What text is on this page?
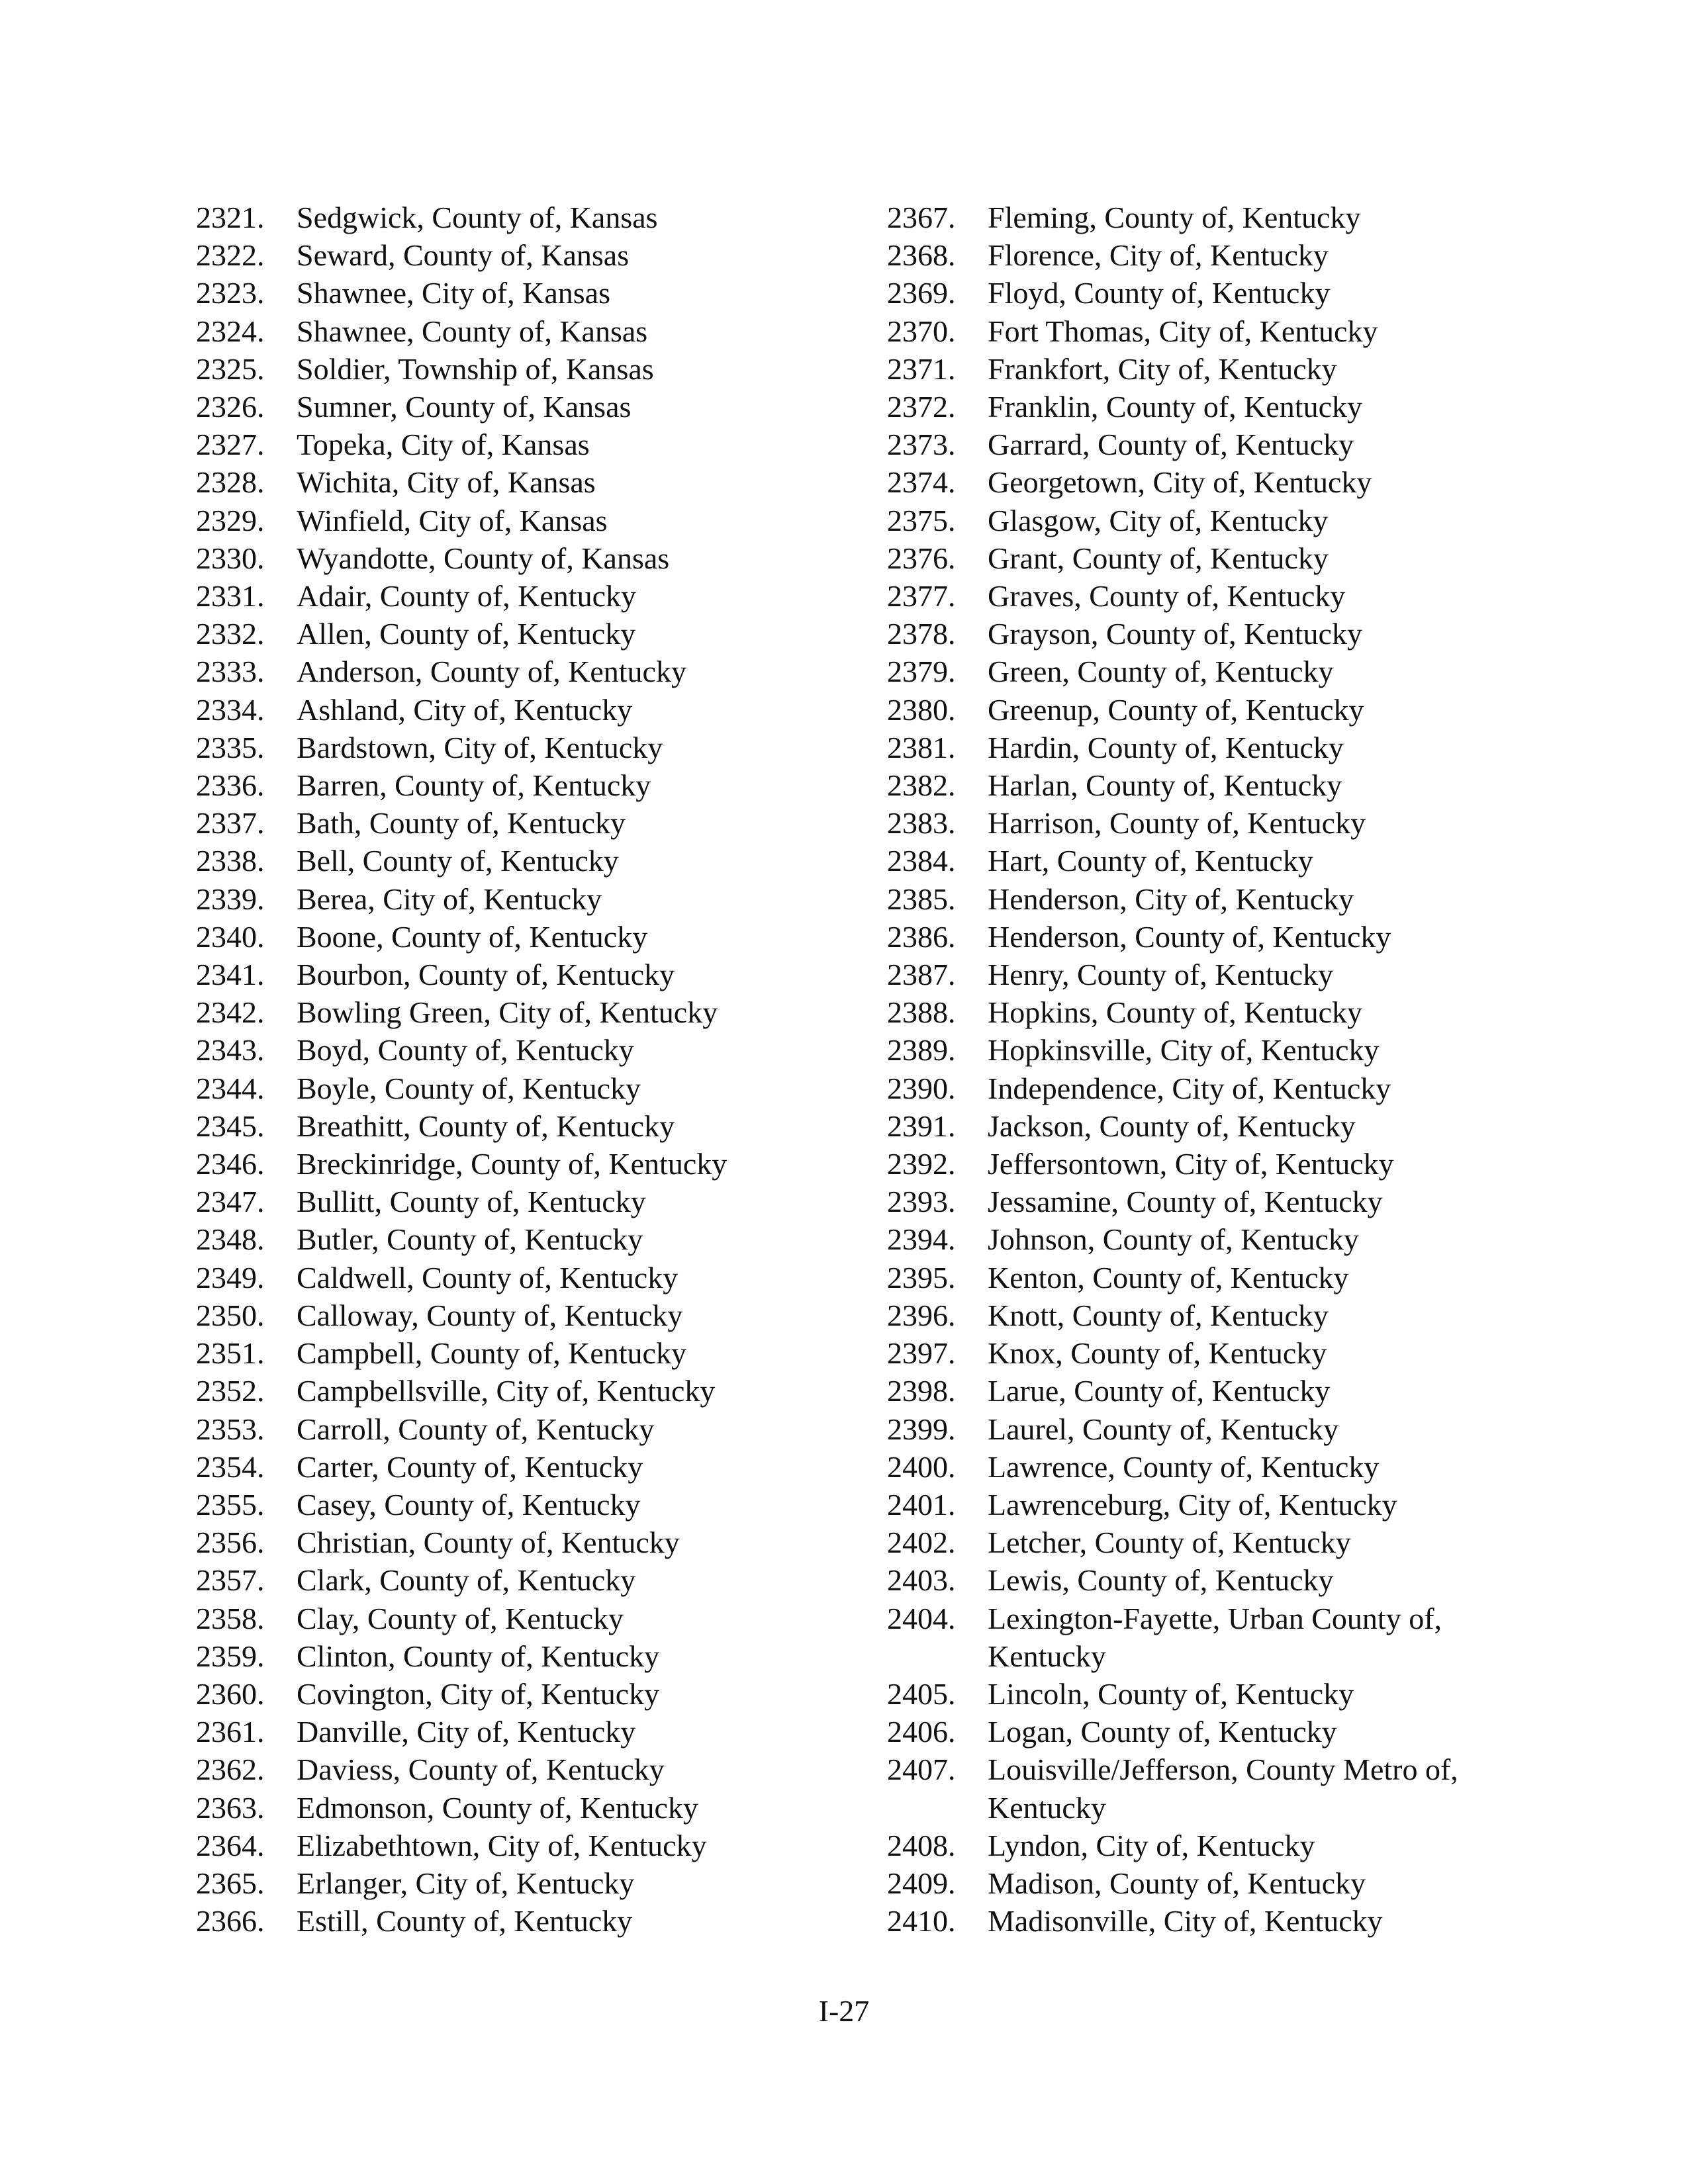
2321.	Sedgwick, County of, Kansas
2322.	Seward, County of, Kansas
2323.	Shawnee, City of, Kansas
2324.	Shawnee, County of, Kansas
2325.	Soldier, Township of, Kansas
2326.	Sumner, County of, Kansas
2327.	Topeka, City of, Kansas
2328.	Wichita, City of, Kansas
2329.	Winfield, City of, Kansas
2330.	Wyandotte, County of, Kansas
2331.	Adair, County of, Kentucky
2332.	Allen, County of, Kentucky
2333.	Anderson, County of, Kentucky
2334.	Ashland, City of, Kentucky
2335.	Bardstown, City of, Kentucky
2336.	Barren, County of, Kentucky
2337.	Bath, County of, Kentucky
2338.	Bell, County of, Kentucky
2339.	Berea, City of, Kentucky
2340.	Boone, County of, Kentucky
2341.	Bourbon, County of, Kentucky
2342.	Bowling Green, City of, Kentucky
2343.	Boyd, County of, Kentucky
2344.	Boyle, County of, Kentucky
2345.	Breathitt, County of, Kentucky
2346.	Breckinridge, County of, Kentucky
2347.	Bullitt, County of, Kentucky
2348.	Butler, County of, Kentucky
2349.	Caldwell, County of, Kentucky
2350.	Calloway, County of, Kentucky
2351.	Campbell, County of, Kentucky
2352.	Campbellsville, City of, Kentucky
2353.	Carroll, County of, Kentucky
2354.	Carter, County of, Kentucky
2355.	Casey, County of, Kentucky
2356.	Christian, County of, Kentucky
2357.	Clark, County of, Kentucky
2358.	Clay, County of, Kentucky
2359.	Clinton, County of, Kentucky
2360.	Covington, City of, Kentucky
2361.	Danville, City of, Kentucky
2362.	Daviess, County of, Kentucky
2363.	Edmonson, County of, Kentucky
2364.	Elizabethtown, City of, Kentucky
2365.	Erlanger, City of, Kentucky
2366.	Estill, County of, Kentucky
2367.	Fleming, County of, Kentucky
2368.	Florence, City of, Kentucky
2369.	Floyd, County of, Kentucky
2370.	Fort Thomas, City of, Kentucky
2371.	Frankfort, City of, Kentucky
2372.	Franklin, County of, Kentucky
2373.	Garrard, County of, Kentucky
2374.	Georgetown, City of, Kentucky
2375.	Glasgow, City of, Kentucky
2376.	Grant, County of, Kentucky
2377.	Graves, County of, Kentucky
2378.	Grayson, County of, Kentucky
2379.	Green, County of, Kentucky
2380.	Greenup, County of, Kentucky
2381.	Hardin, County of, Kentucky
2382.	Harlan, County of, Kentucky
2383.	Harrison, County of, Kentucky
2384.	Hart, County of, Kentucky
2385.	Henderson, City of, Kentucky
2386.	Henderson, County of, Kentucky
2387.	Henry, County of, Kentucky
2388.	Hopkins, County of, Kentucky
2389.	Hopkinsville, City of, Kentucky
2390.	Independence, City of, Kentucky
2391.	Jackson, County of, Kentucky
2392.	Jeffersontown, City of, Kentucky
2393.	Jessamine, County of, Kentucky
2394.	Johnson, County of, Kentucky
2395.	Kenton, County of, Kentucky
2396.	Knott, County of, Kentucky
2397.	Knox, County of, Kentucky
2398.	Larue, County of, Kentucky
2399.	Laurel, County of, Kentucky
2400.	Lawrence, County of, Kentucky
2401.	Lawrenceburg, City of, Kentucky
2402.	Letcher, County of, Kentucky
2403.	Lewis, County of, Kentucky
2404.	Lexington-Fayette, Urban County of, Kentucky
2405.	Lincoln, County of, Kentucky
2406.	Logan, County of, Kentucky
2407.	Louisville/Jefferson, County Metro of, Kentucky
2408.	Lyndon, City of, Kentucky
2409.	Madison, County of, Kentucky
2410.	Madisonville, City of, Kentucky
I-27
